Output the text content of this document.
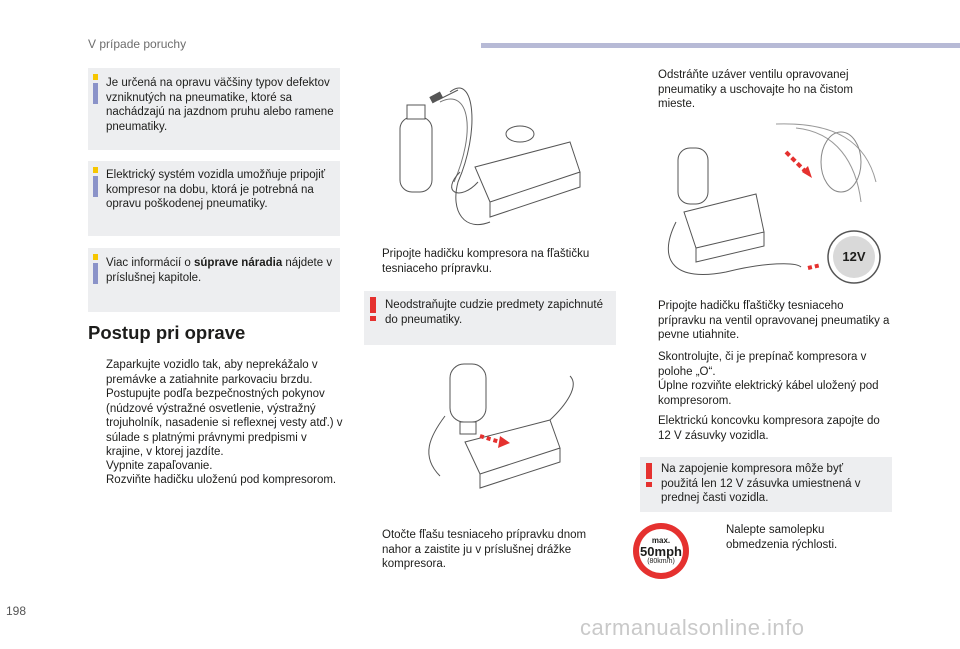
V prípade poruchy
Je určená na opravu väčšiny typov defektov vzniknutých na pneumatike, ktoré sa nachádzajú na jazdnom pruhu alebo ramene pneumatiky.
Elektrický systém vozidla umožňuje pripojiť kompresor na dobu, ktorá je potrebná na opravu poškodenej pneumatiky.
Viac informácií o súprave náradia nájdete v príslušnej kapitole.
Postup pri oprave
Zaparkujte vozidlo tak, aby neprekážalo v premávke a zatiahnite parkovaciu brzdu.
Postupujte podľa bezpečnostných pokynov (núdzové výstražné osvetlenie, výstražný trojuholník, nasadenie si reflexnej vesty atď.) v súlade s platnými právnymi predpismi v krajine, v ktorej jazdíte.
Vypnite zapaľovanie.
Rozviňte hadičku uloženú pod kompresorom.
Pripojte hadičku kompresora na fľaštičku tesniaceho prípravku.
Neodstraňujte cudzie predmety zapichnuté do pneumatiky.
Otočte fľašu tesniaceho prípravku dnom nahor a zaistite ju v príslušnej drážke kompresora.
Odstráňte uzáver ventilu opravovanej pneumatiky a uschovajte ho na čistom mieste.
12V
Pripojte hadičku fľaštičky tesniaceho prípravku na ventil opravovanej pneumatiky a pevne utiahnite.
Skontrolujte, či je prepínač kompresora v polohe „O“.
Úplne rozviňte elektrický kábel uložený pod kompresorom.
Elektrickú koncovku kompresora zapojte do 12 V zásuvky vozidla.
Na zapojenie kompresora môže byť použitá len 12 V zásuvka umiestnená v prednej časti vozidla.
max.
50mph
(80km/h)
Nalepte samolepku obmedzenia rýchlosti.
198
carmanualsonline.info
